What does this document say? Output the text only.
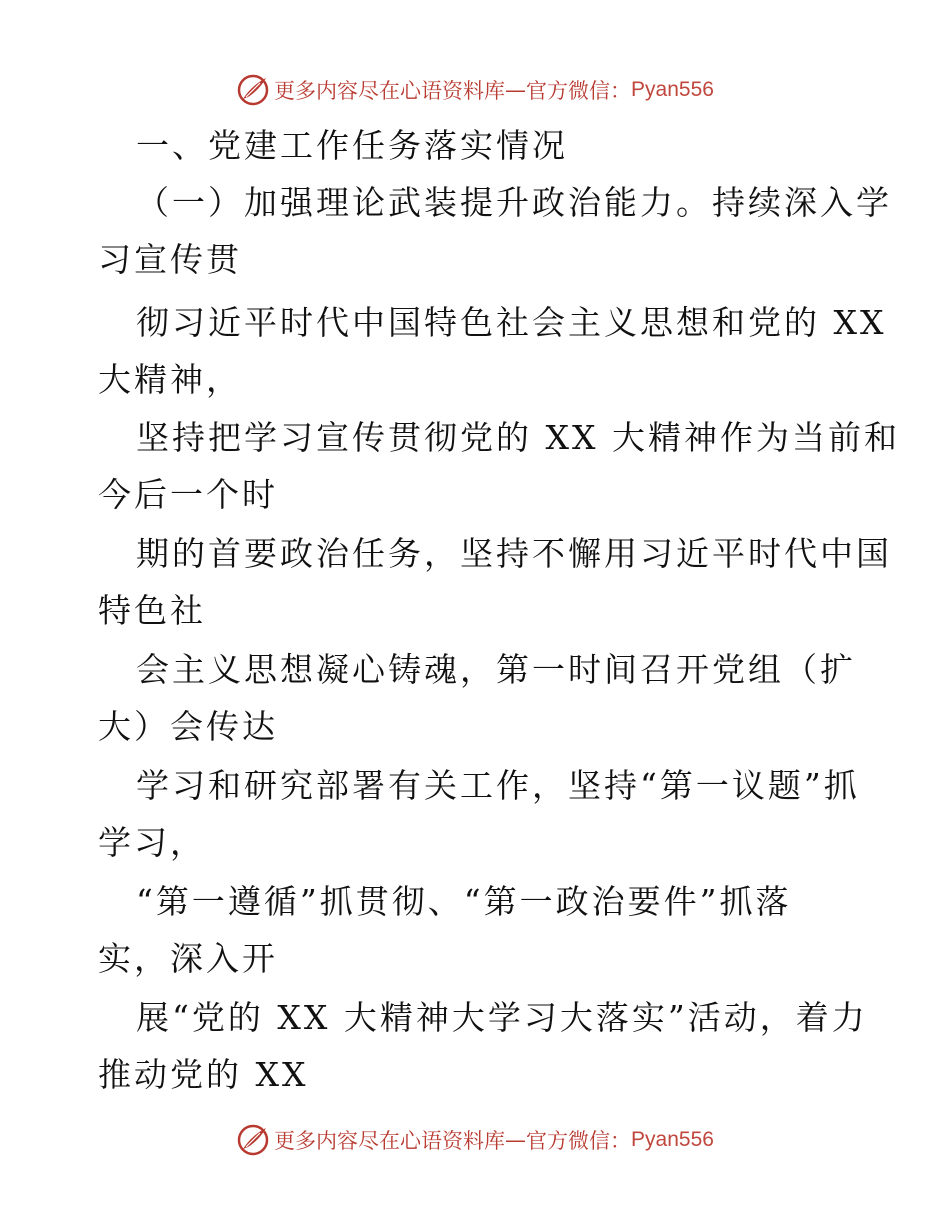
更多内容尽在心语资料库 — 官方微信： Pyan556
一、党建工作任务落实情况
（一）加强理论武装提升政治能力。持续深入学
习宣传贯
彻习近平时代中国特色社会主义思想和党的 XX
大精神，
坚持把学习宣传贯彻党的 XX 大精神作为当前和
今后一个时
期的首要政治任务，坚持不懈用习近平时代中国
特色社
会主义思想凝心铸魂，第一时间召开党组（扩
大）会传达
学习和研究部署有关工作，坚持“第一议题”抓
学习，
“第一遵循”抓贯彻、“第一政治要件”抓落
实，深入开
展“党的 XX 大精神大学习大落实”活动，着力
推动党的 XX
更多内容尽在心语资料库 — 官方微信： Pyan556
